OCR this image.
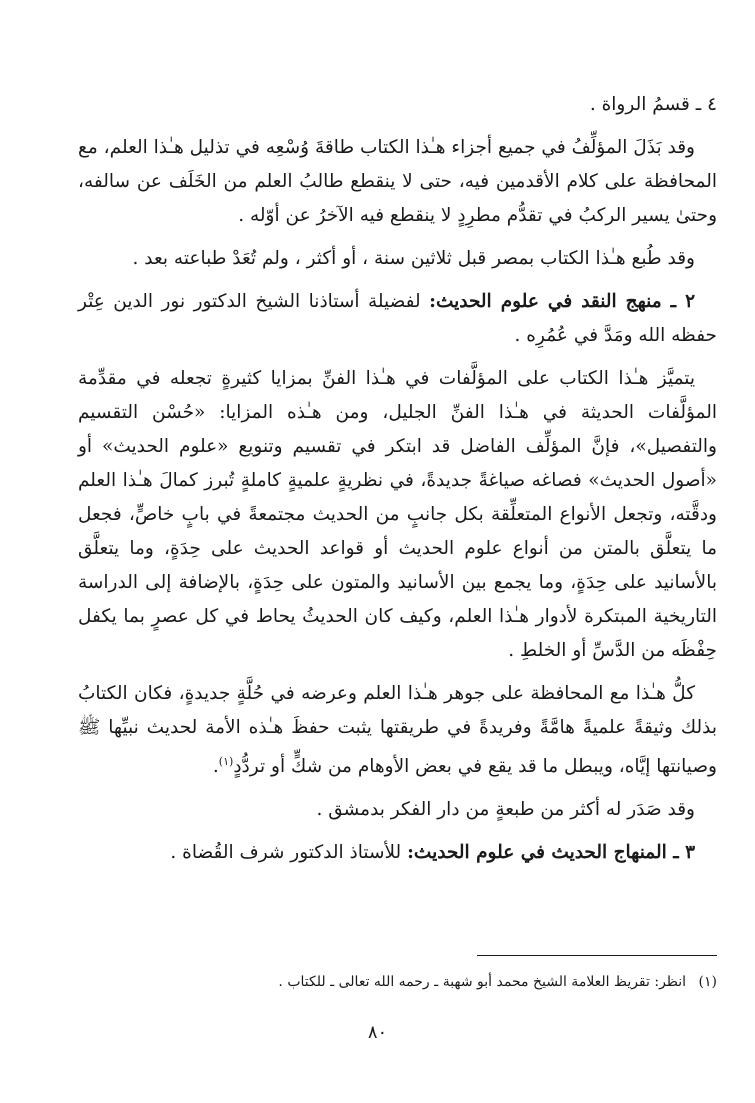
٤ ـ قسمُ الرواة .

وقد بَذَلَ المؤلِّفُ في جميع أجزاء هـٰذا الكتاب طاقةَ وُسْعِه في تذليل هـٰذا العلم، مع المحافظة على كلام الأقدمين فيه، حتى لا ينقطع طالبُ العلم من الخَلَف عن سالفه، وحتىٰ يسير الركبُ في تقدُّم مطرِدٍ لا ينقطع فيه الآخرُ عن أوّله .

وقد طُبع هـٰذا الكتاب بمصر قبل ثلاثين سنة ، أو أكثر ، ولم تُعَدْ طباعته بعد .

٢ ـ منهج النقد في علوم الحديث: لفضيلة أستاذنا الشيخ الدكتور نور الدين عِتْر حفظه الله ومَدَّ في عُمُرِه .

يتميَّز هـٰذا الكتاب على المؤلَّفات في هـٰذا الفنِّ بمزايا كثيرةٍ تجعله في مقدِّمة المؤلَّفات الحديثة في هـٰذا الفنِّ الجليل، ومن هـٰذه المزايا: «حُسْن التقسيم والتفصيل»، فإنَّ المؤلِّف الفاضل قد ابتكر في تقسيم وتنويع «علوم الحديث» أو «أصول الحديث» فصاغه صياغةً جديدةً، في نظريةٍ علميةٍ كاملةٍ تُبرز كمالَ هـٰذا العلم ودقَّته، وتجعل الأنواع المتعلِّقة بكل جانبٍ من الحديث مجتمعةً في بابٍ خاصٍّ، فجعل ما يتعلَّق بالمتن من أنواع علوم الحديث أو قواعد الحديث على حِدَةٍ، وما يتعلَّق بالأسانيد على حِدَةٍ، وما يجمع بين الأسانيد والمتون على حِدَةٍ، بالإضافة إلى الدراسة التاريخية المبتكرة لأدوار هـٰذا العلم، وكيف كان الحديثُ يحاط في كل عصرٍ بما يكفل حِفْظَه من الدَّسِّ أو الخلطِ .

كلُّ هـٰذا مع المحافظة على جوهر هـٰذا العلم وعرضه في حُلَّةٍ جديدةٍ، فكان الكتابُ بذلك وثيقةً علميةً هامَّةً وفريدةً في طريقتها يثبت حفظَ هـٰذه الأمة لحديث نبيِّها ﷺ وصيانتها إيَّاه، ويبطل ما قد يقع في بعض الأوهام من شكٍّ أو تردُّدٍ$^{(١)}$.

وقد صَدَر له أكثر من طبعةٍ من دار الفكر بدمشق .

٣ ـ المنهاج الحديث في علوم الحديث: للأستاذ الدكتور شرف القُضاة .

(١) انظر: تقريظ العلامة الشيخ محمد أبو شهبة ـ رحمه الله تعالى ـ للكتاب .
٨٠
